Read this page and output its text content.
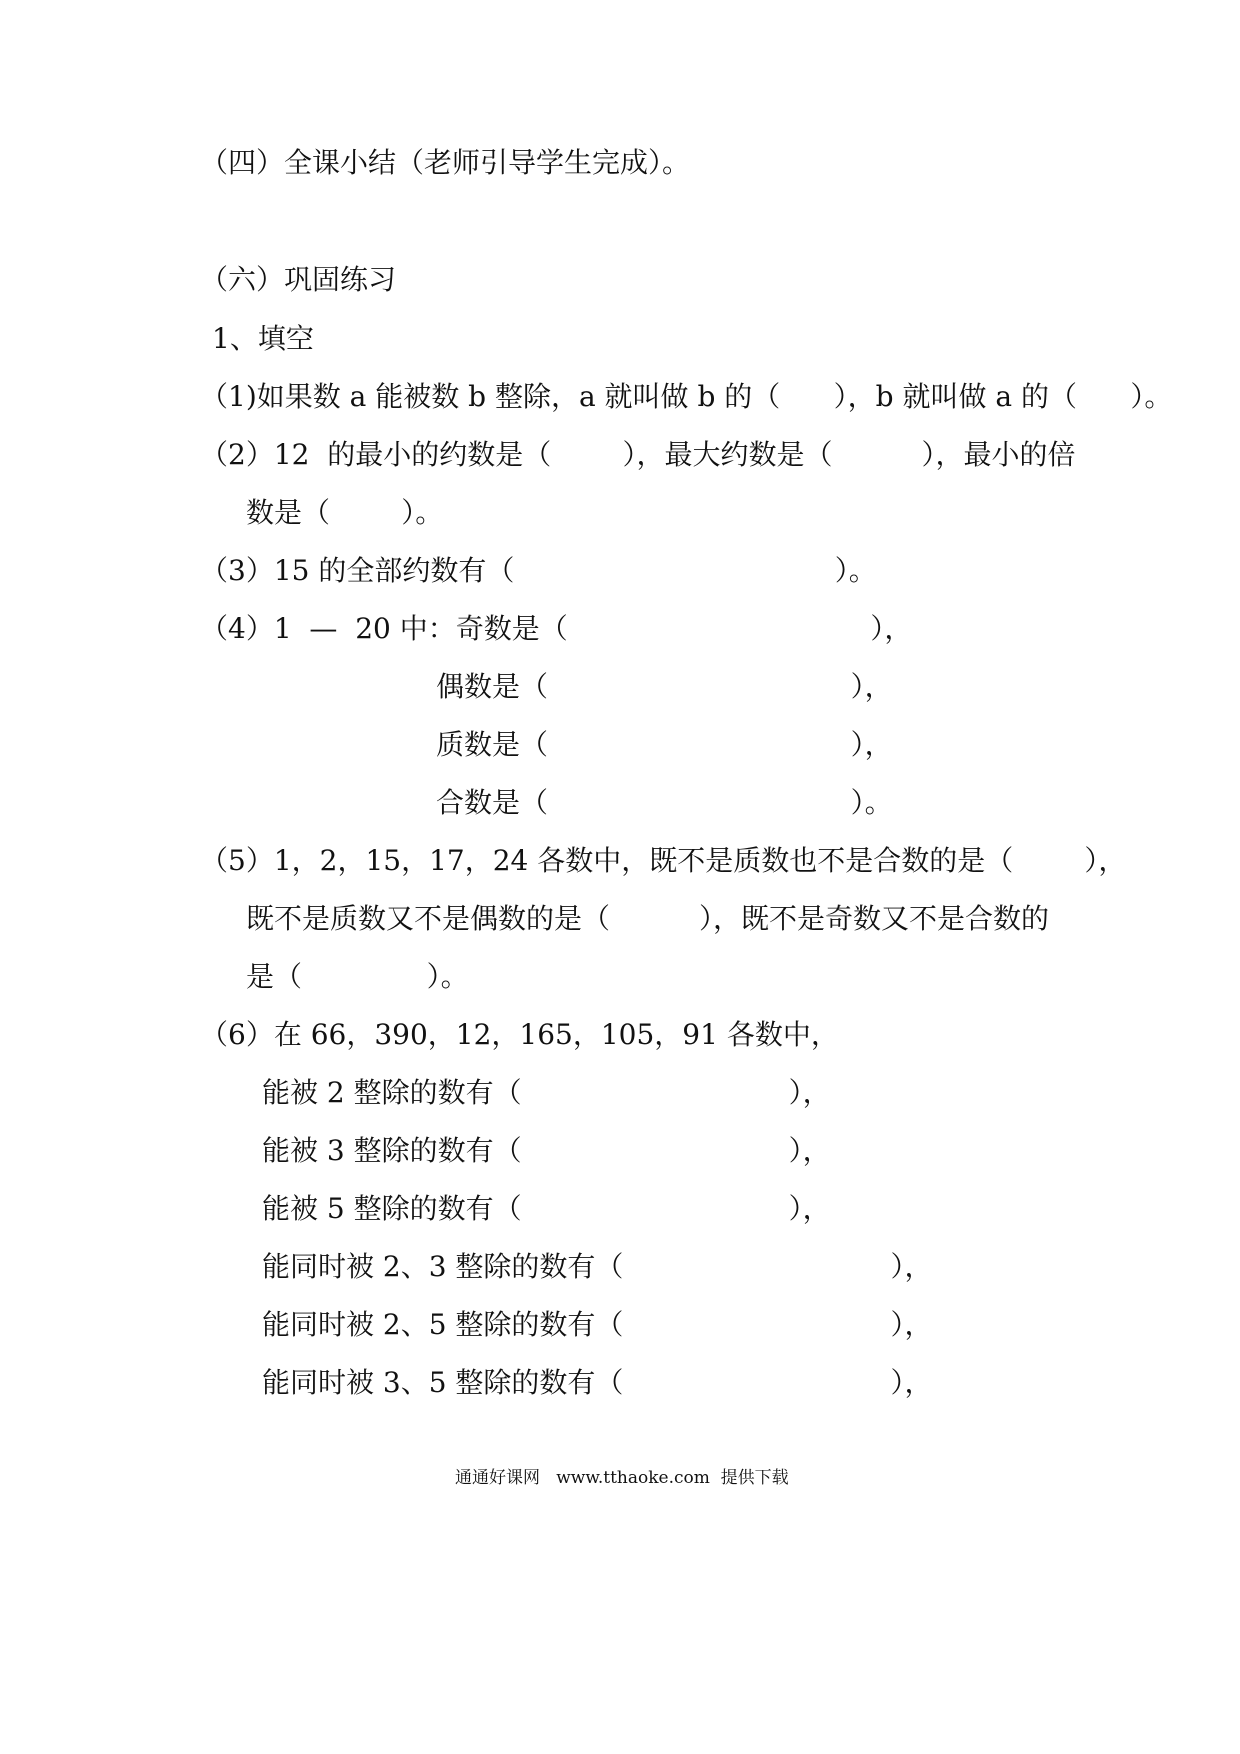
（四）全课小结（老师引导学生完成）。
（六）巩固练习
1、填空
（1)如果数 a 能被数 b 整除，a 就叫做 b 的（      ），b 就叫做 a 的（      ）。
（2）12  的最小的约数是（        ），最大约数是（          ），最小的倍
数是（        ）。
（3）15 的全部约数有（                                    ）。
（4）1  —  20 中：奇数是（                                  ），
偶数是（                                  ），
质数是（                                  ），
合数是（                                  ）。
（5）1，2，15，17，24 各数中，既不是质数也不是合数的是（        ），
既不是质数又不是偶数的是（          ），既不是奇数又不是合数的
是（              ）。
（6）在 66，390，12，165，105，91 各数中，
能被 2 整除的数有（                              ），
能被 3 整除的数有（                              ），
能被 5 整除的数有（                              ），
能同时被 2、3 整除的数有（                              ），
能同时被 2、5 整除的数有（                              ），
能同时被 3、5 整除的数有（                              ），
通通好课网   www.tthaoke.com  提供下载
